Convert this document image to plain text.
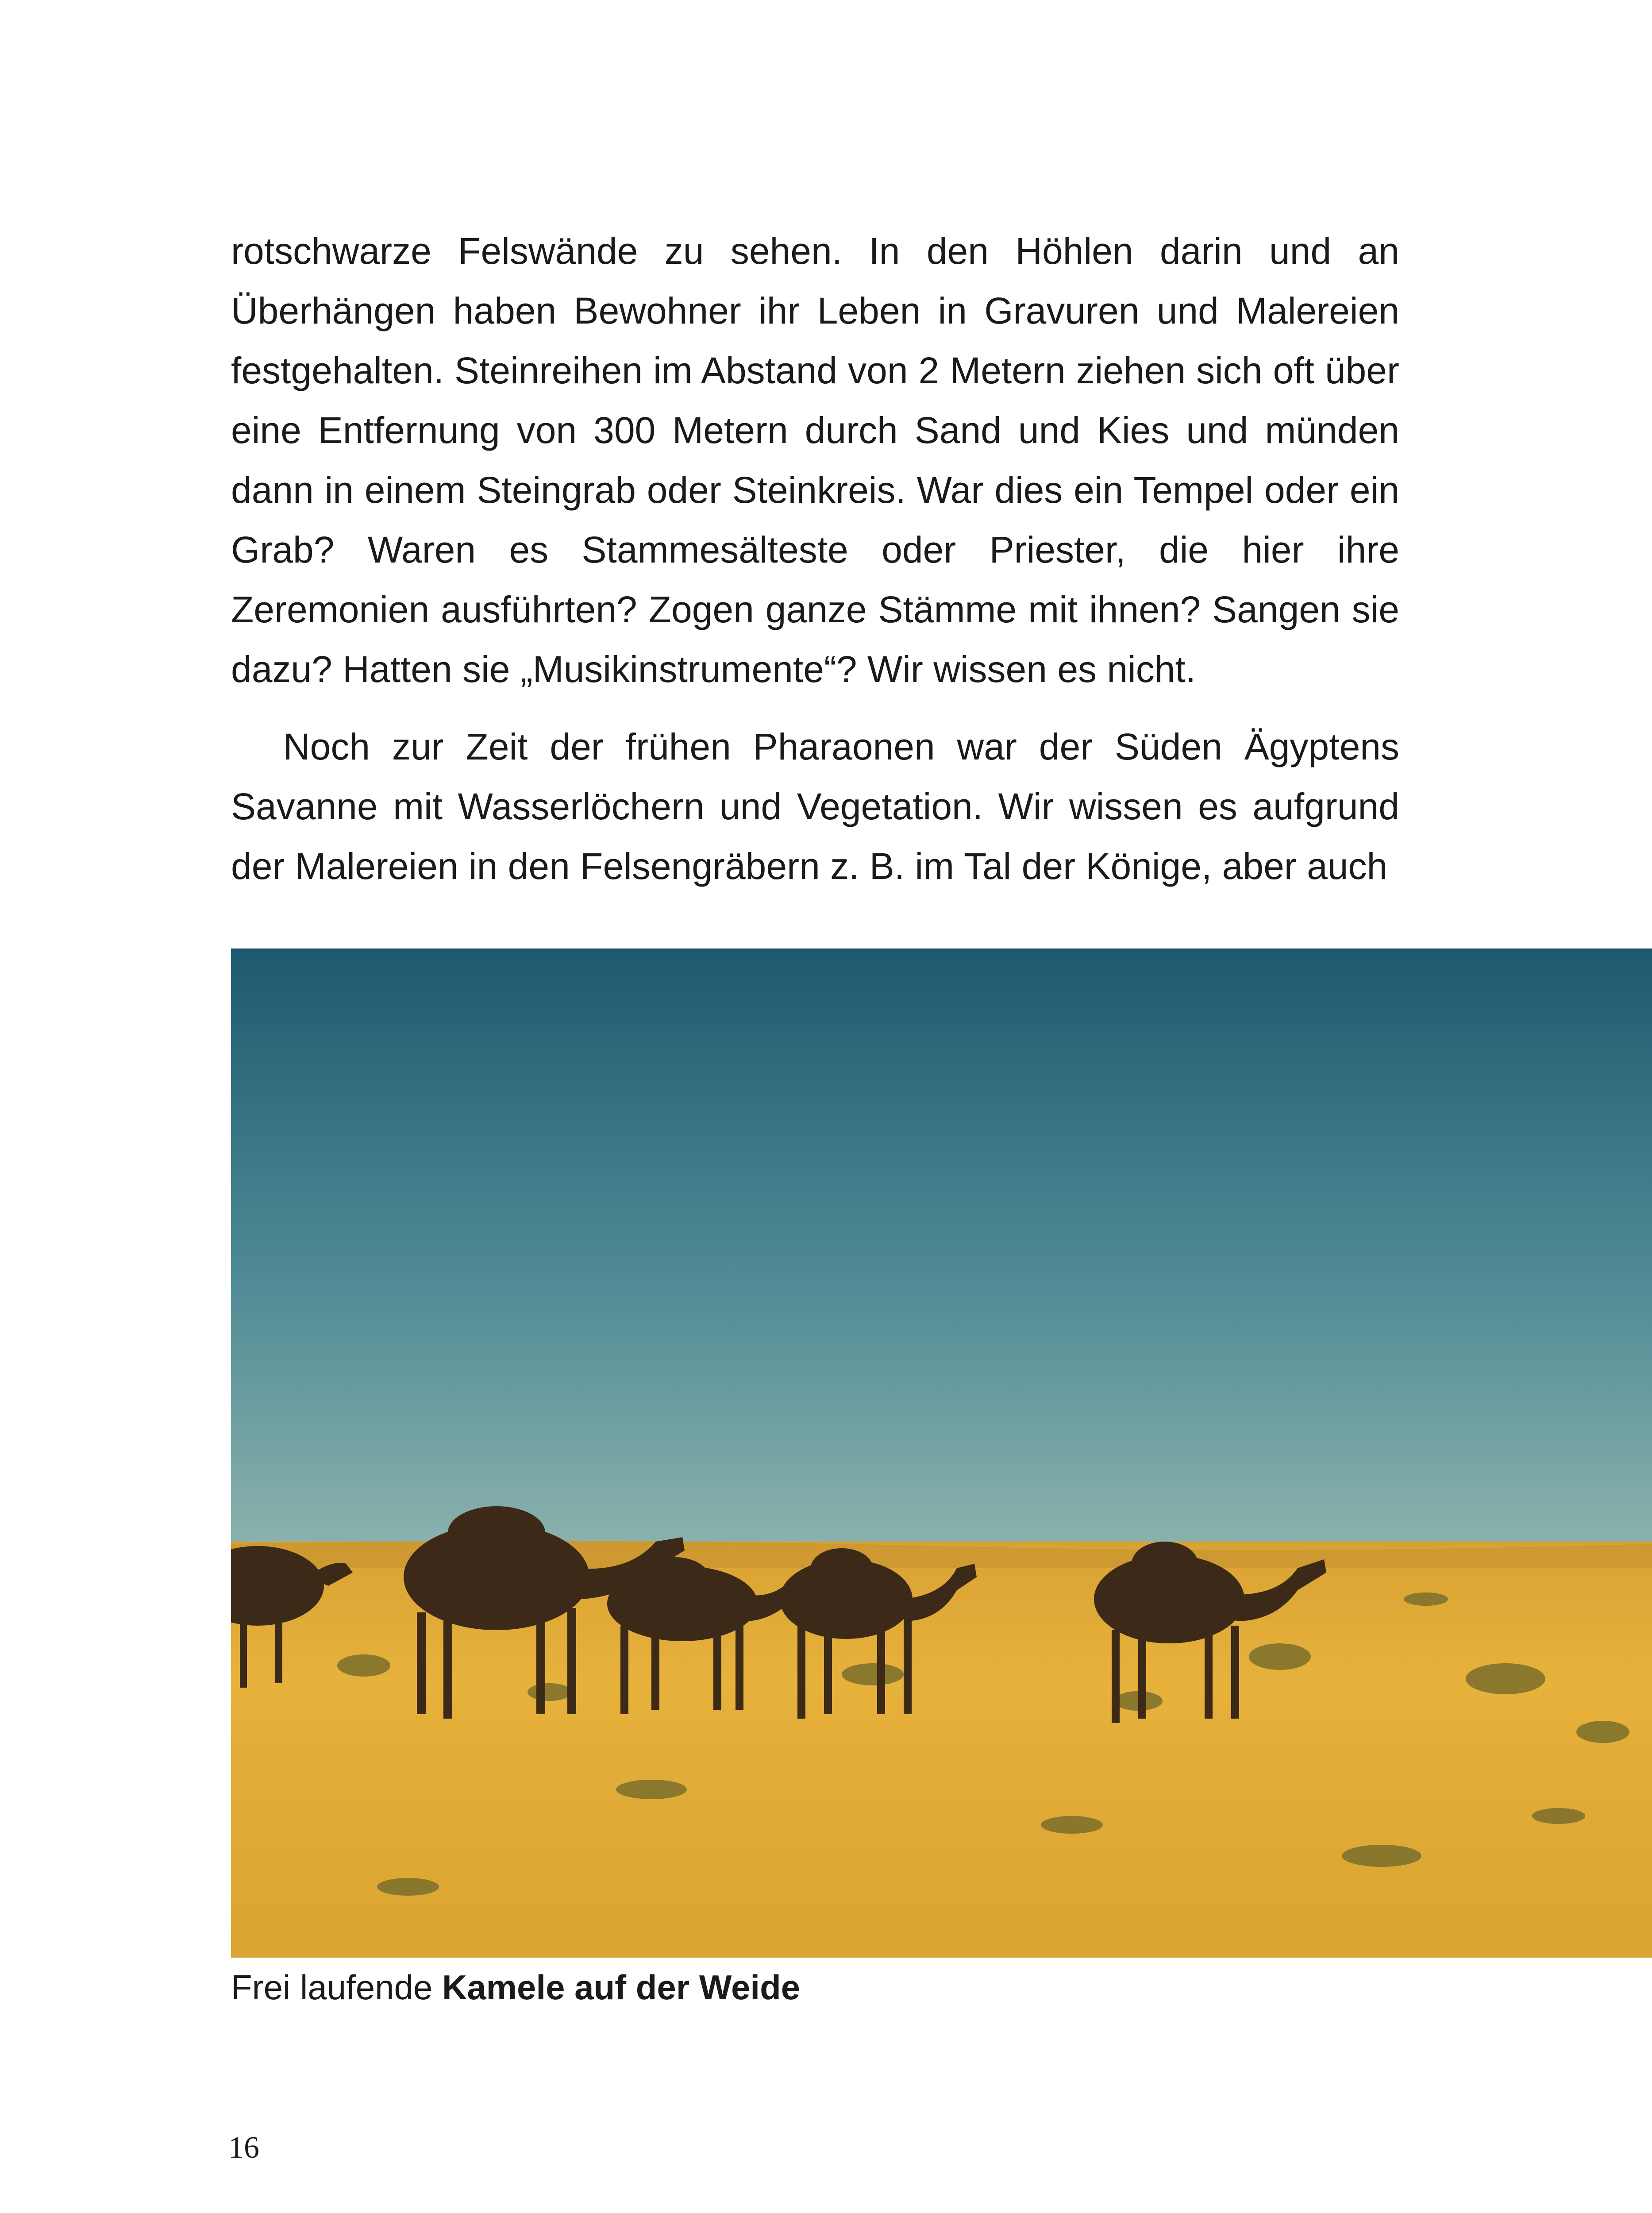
rotschwarze Felswände zu sehen. In den Höhlen darin und an Überhängen haben Bewohner ihr Leben in Gravuren und Malereien festgehalten. Steinreihen im Abstand von 2 Metern ziehen sich oft über eine Entfernung von 300 Metern durch Sand und Kies und münden dann in einem Steingrab oder Steinkreis. War dies ein Tempel oder ein Grab? Waren es Stammesälteste oder Priester, die hier ihre Zeremonien ausführten? Zogen ganze Stämme mit ihnen? Sangen sie dazu? Hatten sie „Musikinstrumente“? Wir wissen es nicht.

Noch zur Zeit der frühen Pharaonen war der Süden Ägyptens Savanne mit Wasserlöchern und Vegetation. Wir wissen es aufgrund der Malereien in den Felsengräbern z. B. im Tal der Könige, aber auch

Frei laufende Kamele auf der Weide
16
